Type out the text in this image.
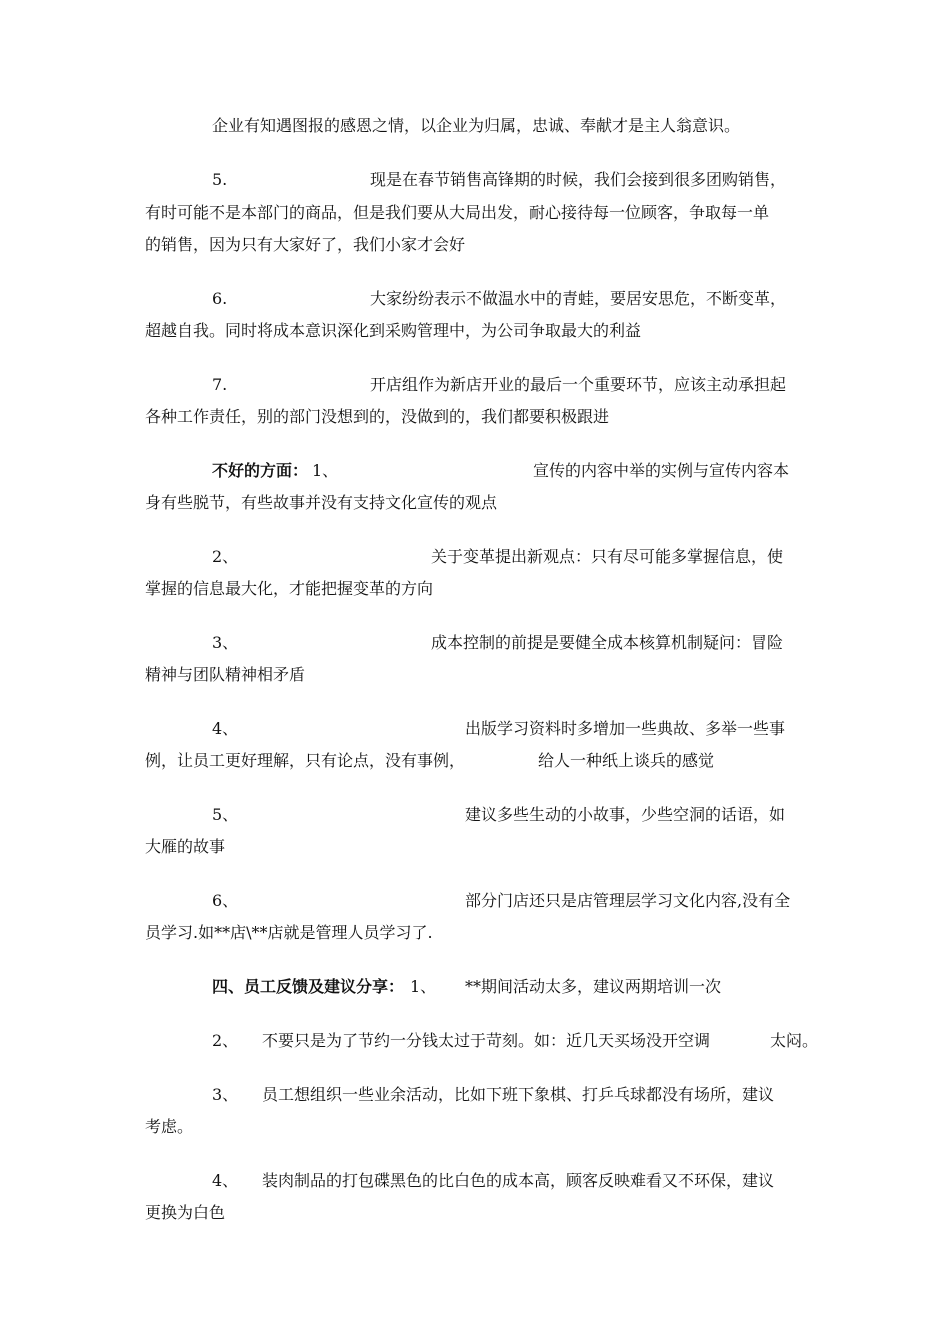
企业有知遇图报的感恩之情，以企业为归属，忠诚、奉献才是主人翁意识。
5.	现是在春节销售高锋期的时候，我们会接到很多团购销售，
有时可能不是本部门的商品，但是我们要从大局出发，耐心接待每一位顾客，争取每一单
的销售，因为只有大家好了，我们小家才会好
6.	大家纷纷表示不做温水中的青蛙，要居安思危，不断变革，
超越自我。同时将成本意识深化到采购管理中，为公司争取最大的利益
7.	开店组作为新店开业的最后一个重要环节，应该主动承担起
各种工作责任，别的部门没想到的，没做到的，我们都要积极跟进
不好的方面： 1、	宣传的内容中举的实例与宣传内容本
身有些脱节，有些故事并没有支持文化宣传的观点
2、	关于变革提出新观点：只有尽可能多掌握信息，使
掌握的信息最大化，才能把握变革的方向
3、	成本控制的前提是要健全成本核算机制疑问：冒险
精神与团队精神相矛盾
4、	出版学习资料时多增加一些典故、多举一些事
例，让员工更好理解，只有论点，没有事例，	给人一种纸上谈兵的感觉
5、	建议多些生动的小故事，少些空洞的话语，如
大雁的故事
6、	部分门店还只是店管理层学习文化内容,没有全
员学习.如**店\**店就是管理人员学习了.
四、员工反馈及建议分享： 1、 **期间活动太多，建议两期培训一次
2、 不要只是为了节约一分钱太过于苛刻。如：近几天买场没开空调	太闷。
3、 员工想组织一些业余活动，比如下班下象棋、打乒乓球都没有场所，建议
考虑。
4、 装肉制品的打包碟黑色的比白色的成本高，顾客反映难看又不环保，建议
更换为白色
